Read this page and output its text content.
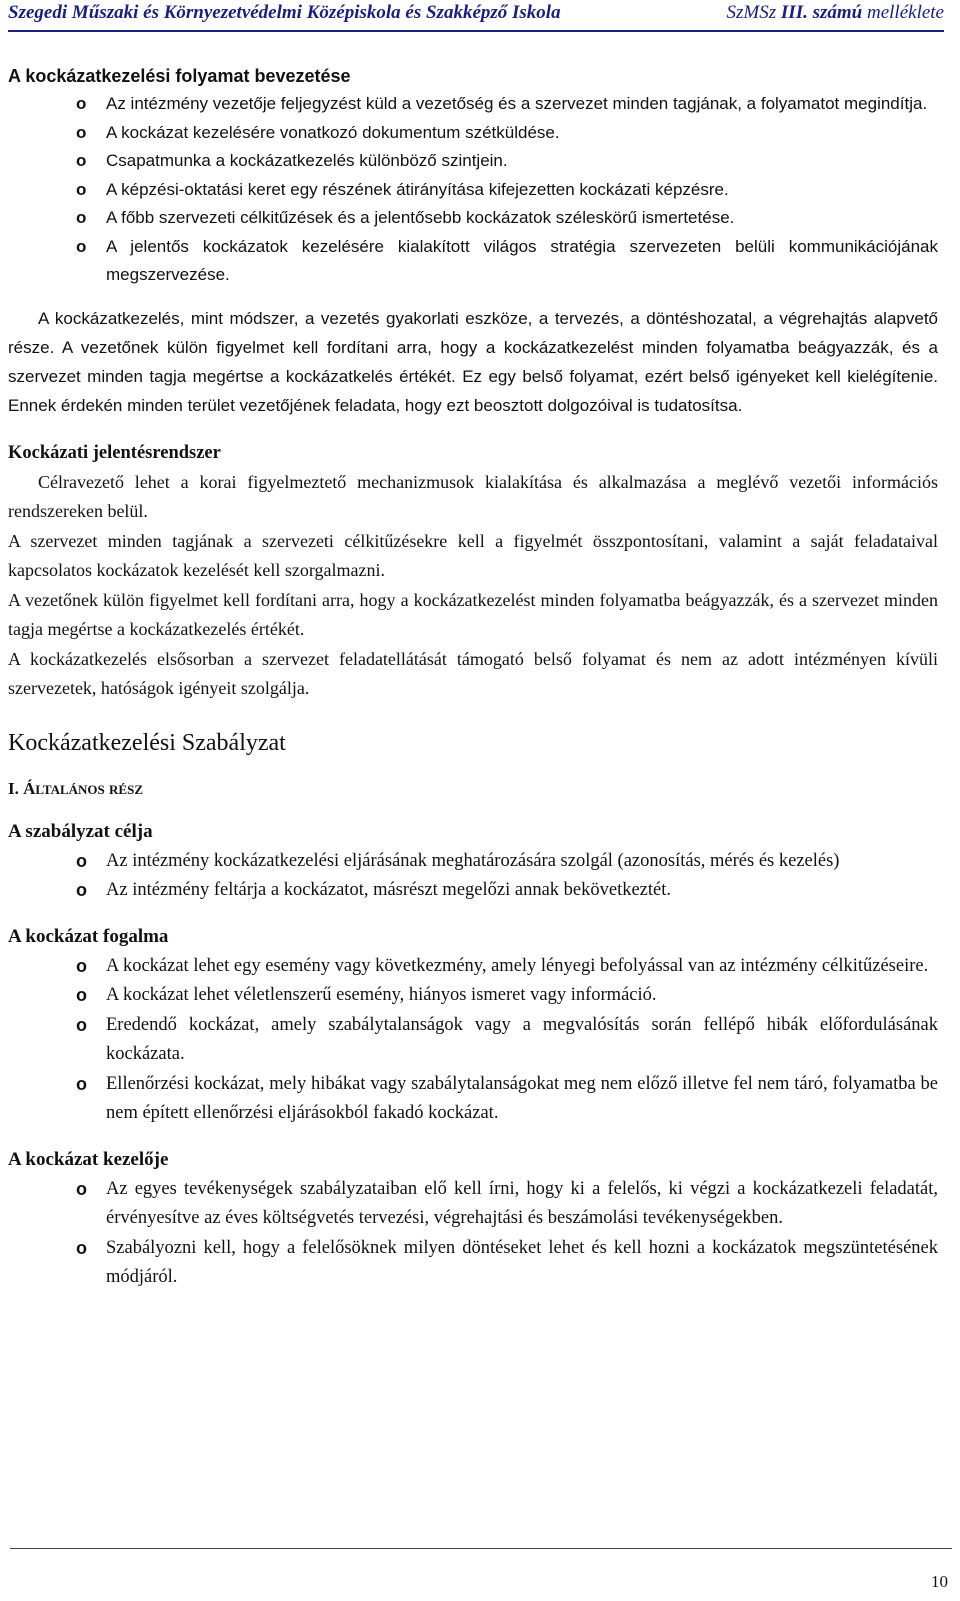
Szegedi Műszaki és Környezetvédelmi Középiskola és Szakképző Iskola	SzMSz III. számú melléklete

A kockázatkezelési folyamat bevezetése

o Az intézmény vezetője feljegyzést küld a vezetőség és a szervezet minden tagjának, a folyamatot megindítja.
o A kockázat kezelésére vonatkozó dokumentum szétküldése.
o Csapatmunka a kockázatkezelés különböző szintjein.
o A képzési-oktatási keret egy részének átirányítása kifejezetten kockázati képzésre.
o A főbb szervezeti célkitűzések és a jelentősebb kockázatok széleskörű ismertetése.
o A jelentős kockázatok kezelésére kialakított világos stratégia szervezeten belüli kommunikációjának megszervezése.

A kockázatkezelés, mint módszer, a vezetés gyakorlati eszköze, a tervezés, a döntéshozatal, a végrehajtás alapvető része. A vezetőnek külön figyelmet kell fordítani arra, hogy a kockázatkezelést minden folyamatba beágyazzák, és a szervezet minden tagja megértse a kockázatkelés értékét. Ez egy belső folyamat, ezért belső igényeket kell kielégítenie. Ennek érdekén minden terület vezetőjének feladata, hogy ezt beosztott dolgozóival is tudatosítsa.

Kockázati jelentésrendszer

Célravezető lehet a korai figyelmeztető mechanizmusok kialakítása és alkalmazása a meglévő vezetői információs rendszereken belül.

A szervezet minden tagjának a szervezeti célkitűzésekre kell a figyelmét összpontosítani, valamint a saját feladataival kapcsolatos kockázatok kezelését kell szorgalmazni.

A vezetőnek külön figyelmet kell fordítani arra, hogy a kockázatkezelést minden folyamatba beágyazzák, és a szervezet minden tagja megértse a kockázatkezelés értékét.

A kockázatkezelés elsősorban a szervezet feladatellátását támogató belső folyamat és nem az adott intézményen kívüli szervezetek, hatóságok igényeit szolgálja.

Kockázatkezelési Szabályzat

I. ÁLTALÁNOS RÉSZ

A szabályzat célja

o Az intézmény kockázatkezelési eljárásának meghatározására szolgál (azonosítás, mérés és kezelés)
o Az intézmény feltárja a kockázatot, másrészt megelőzi annak bekövetkeztét.

A kockázat fogalma

o A kockázat lehet egy esemény vagy következmény, amely lényegi befolyással van az intézmény célkitűzéseire.
o A kockázat lehet véletlenszerű esemény, hiányos ismeret vagy információ.
o Eredendő kockázat, amely szabálytalanságok vagy a megvalósítás során fellépő hibák előfordulásának kockázata.
o Ellenőrzési kockázat, mely hibákat vagy szabálytalanságokat meg nem előző illetve fel nem táró, folyamatba be nem épített ellenőrzési eljárásokból fakadó kockázat.

A kockázat kezelője

o Az egyes tevékenységek szabályzataiban elő kell írni, hogy ki a felelős, ki végzi a kockázatkezeli feladatát, érvényesítve az éves költségvetés tervezési, végrehajtási és beszámolási tevékenységekben.
o Szabályozni kell, hogy a felelősöknek milyen döntéseket lehet és kell hozni a kockázatok megszüntetésének módjáról.
10
